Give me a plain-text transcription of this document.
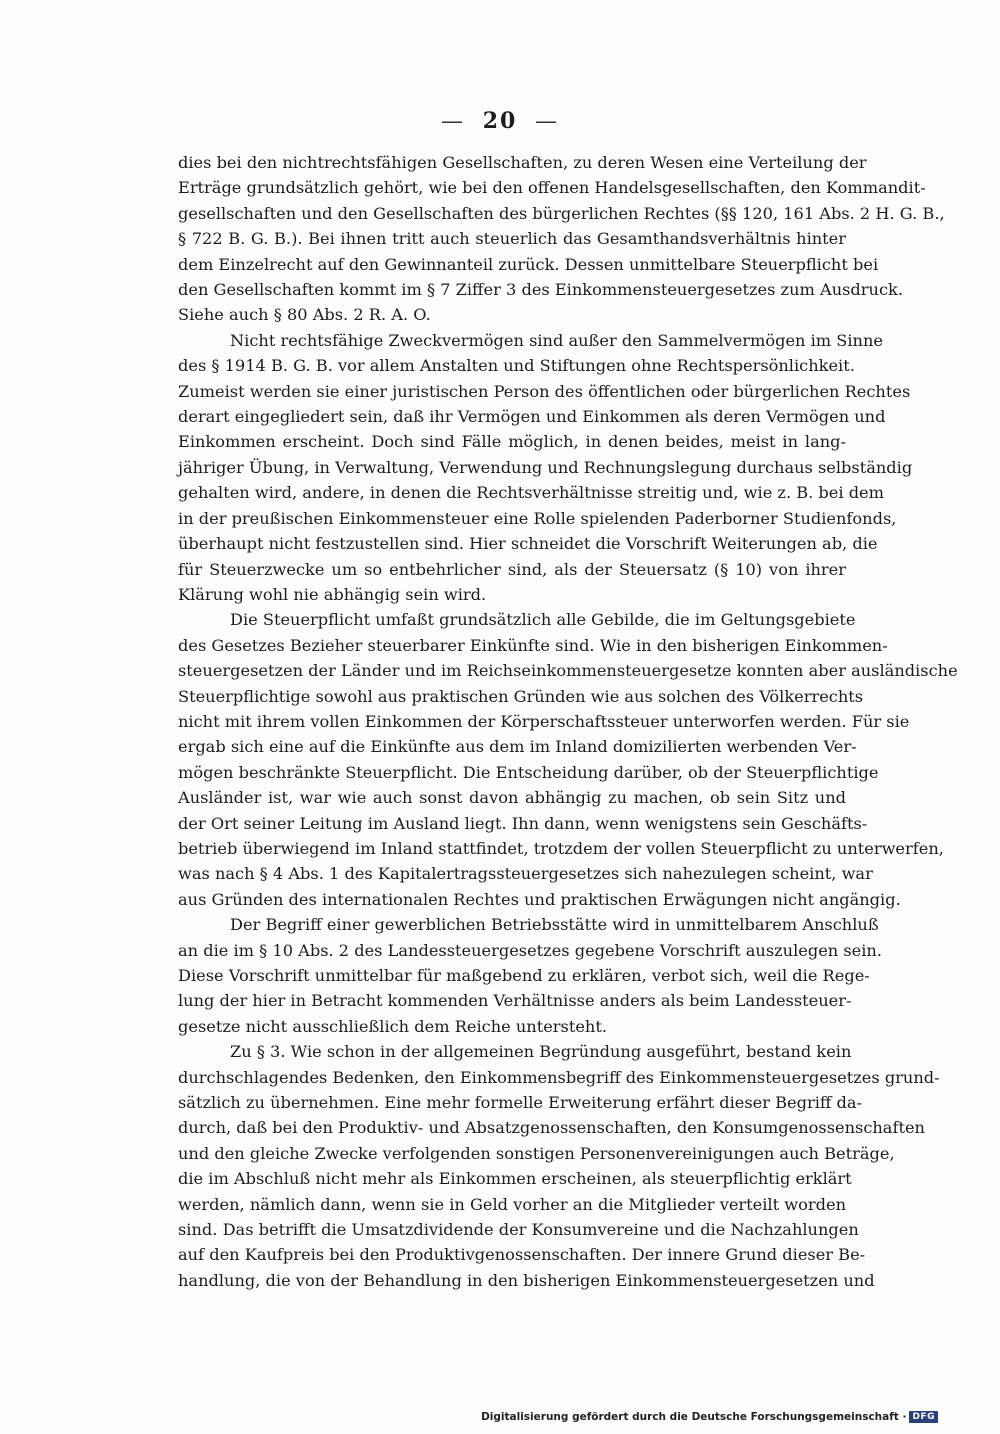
— 20 —
dies bei den nichtrechtsfähigen Gesellschaften, zu deren Wesen eine Verteilung der
Erträge grundsätzlich gehört, wie bei den offenen Handelsgesellschaften, den Kommandit-
gesellschaften und den Gesellschaften des bürgerlichen Rechtes (§§ 120, 161 Abs. 2 H. G. B.,
§ 722 B. G. B.). Bei ihnen tritt auch steuerlich das Gesamthandsverhältnis hinter
dem Einzelrecht auf den Gewinnanteil zurück. Dessen unmittelbare Steuerpflicht bei
den Gesellschaften kommt im § 7 Ziffer 3 des Einkommensteuergesetzes zum Ausdruck.
Siehe auch § 80 Abs. 2 R. A. O.
Nicht rechtsfähige Zweckvermögen sind außer den Sammelvermögen im Sinne
des § 1914 B. G. B. vor allem Anstalten und Stiftungen ohne Rechtspersönlichkeit.
Zumeist werden sie einer juristischen Person des öffentlichen oder bürgerlichen Rechtes
derart eingegliedert sein, daß ihr Vermögen und Einkommen als deren Vermögen und
Einkommen erscheint. Doch sind Fälle möglich, in denen beides, meist in lang-
jähriger Übung, in Verwaltung, Verwendung und Rechnungslegung durchaus selbständig
gehalten wird, andere, in denen die Rechtsverhältnisse streitig und, wie z. B. bei dem
in der preußischen Einkommensteuer eine Rolle spielenden Paderborner Studienfonds,
überhaupt nicht festzustellen sind. Hier schneidet die Vorschrift Weiterungen ab, die
für Steuerzwecke um so entbehrlicher sind, als der Steuersatz (§ 10) von ihrer
Klärung wohl nie abhängig sein wird.
Die Steuerpflicht umfaßt grundsätzlich alle Gebilde, die im Geltungsgebiete
des Gesetzes Bezieher steuerbarer Einkünfte sind. Wie in den bisherigen Einkommen-
steuergesetzen der Länder und im Reichseinkommensteuergesetze konnten aber ausländische
Steuerpflichtige sowohl aus praktischen Gründen wie aus solchen des Völkerrechts
nicht mit ihrem vollen Einkommen der Körperschaftssteuer unterworfen werden. Für sie
ergab sich eine auf die Einkünfte aus dem im Inland domizilierten werbenden Ver-
mögen beschränkte Steuerpflicht. Die Entscheidung darüber, ob der Steuerpflichtige
Ausländer ist, war wie auch sonst davon abhängig zu machen, ob sein Sitz und
der Ort seiner Leitung im Ausland liegt. Ihn dann, wenn wenigstens sein Geschäfts-
betrieb überwiegend im Inland stattfindet, trotzdem der vollen Steuerpflicht zu unterwerfen,
was nach § 4 Abs. 1 des Kapitalertragssteuergesetzes sich nahezulegen scheint, war
aus Gründen des internationalen Rechtes und praktischen Erwägungen nicht angängig.
Der Begriff einer gewerblichen Betriebsstätte wird in unmittelbarem Anschluß
an die im § 10 Abs. 2 des Landessteuergesetzes gegebene Vorschrift auszulegen sein.
Diese Vorschrift unmittelbar für maßgebend zu erklären, verbot sich, weil die Rege-
lung der hier in Betracht kommenden Verhältnisse anders als beim Landessteuer-
gesetze nicht ausschließlich dem Reiche untersteht.
Zu § 3. Wie schon in der allgemeinen Begründung ausgeführt, bestand kein
durchschlagendes Bedenken, den Einkommensbegriff des Einkommensteuergesetzes grund-
sätzlich zu übernehmen. Eine mehr formelle Erweiterung erfährt dieser Begriff da-
durch, daß bei den Produktiv- und Absatzgenossenschaften, den Konsumgenossenschaften
und den gleiche Zwecke verfolgenden sonstigen Personenvereinigungen auch Beträge,
die im Abschluß nicht mehr als Einkommen erscheinen, als steuerpflichtig erklärt
werden, nämlich dann, wenn sie in Geld vorher an die Mitglieder verteilt worden
sind. Das betrifft die Umsatzdividende der Konsumvereine und die Nachzahlungen
auf den Kaufpreis bei den Produktivgenossenschaften. Der innere Grund dieser Be-
handlung, die von der Behandlung in den bisherigen Einkommensteuergesetzen und
Digitalisierung gefördert durch die Deutsche Forschungsgemeinschaft · DFG
